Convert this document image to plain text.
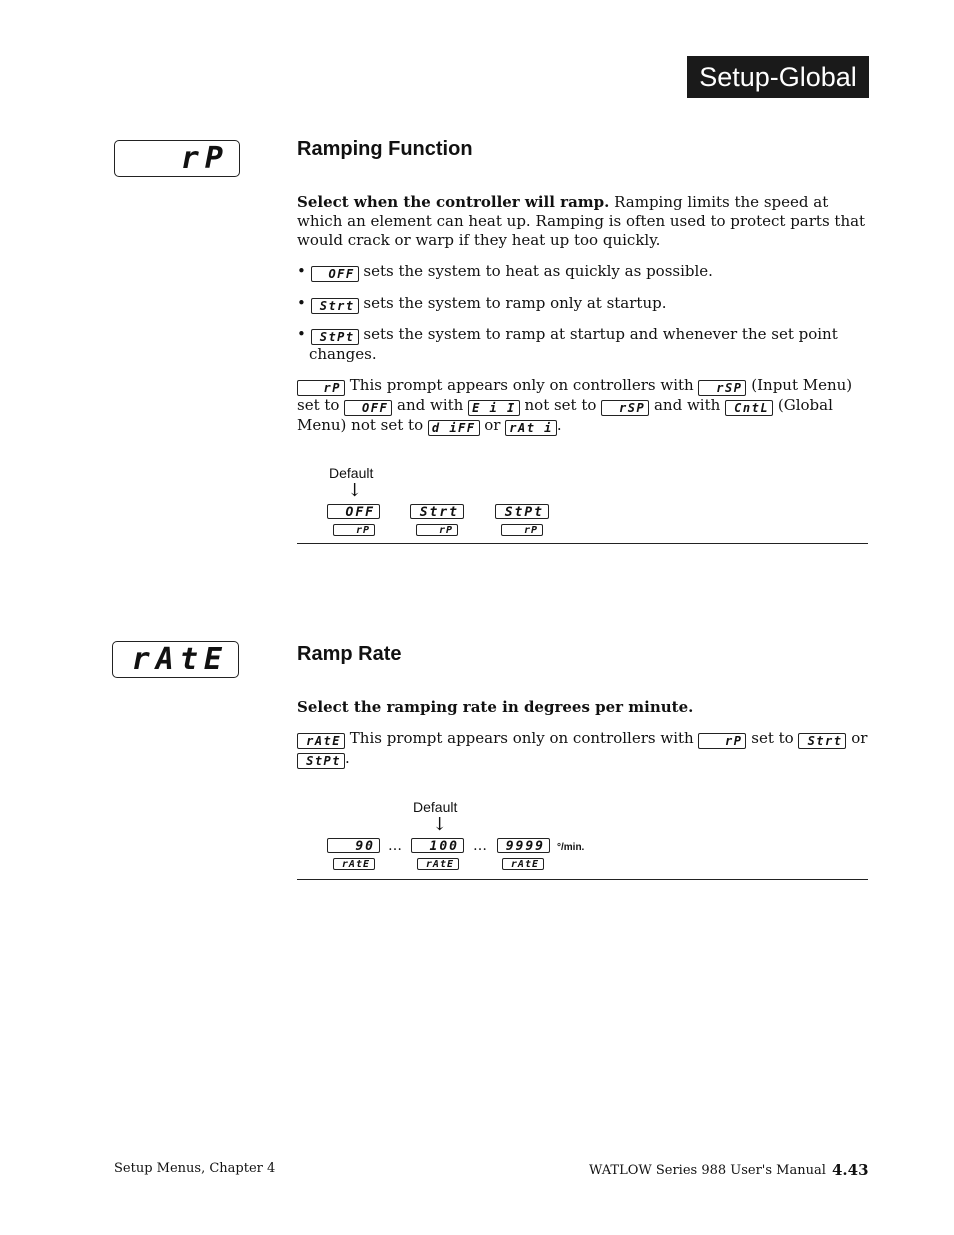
Setup-Global
rP	Ramping Function
Select when the controller will ramp. Ramping limits the speed at which an element can heat up. Ramping is often used to protect parts that would crack or warp if they heat up too quickly.
• OFF sets the system to heat as quickly as possible.
• Strt sets the system to ramp only at startup.
• StPt sets the system to ramp at startup and whenever the set point changes.
rP This prompt appears only on controllers with rSP (Input Menu) set to OFF and with E i I not set to rSP and with CntL (Global Menu) not set to d iFF or rAt i .
Default
↓
OFF
rP
Strt
rP
StPt
rP
rAtE	Ramp Rate
Select the ramping rate in degrees per minute.
rAtE This prompt appears only on controllers with	rP set to Strt or StPt .
Default
↓
90
rAtE
…	100
rAtE
…	9999
rAtE
°/min.
Setup Menus, Chapter 4	WATLOW Series 988 User's Manual 4.43
